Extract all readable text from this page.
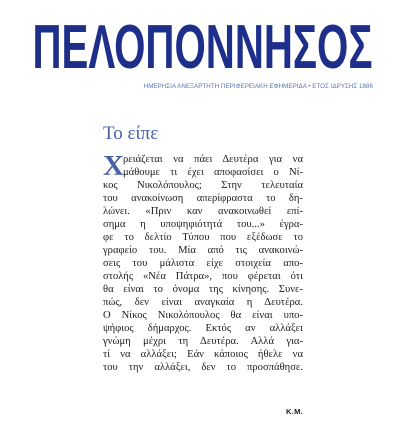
ΠΕΛΟΠΟΝΝΗΣΟΣ
ΗΜΕΡΗΣΙΑ ΑΝΕΞΑΡΤΗΤΗ ΠΕΡΙΦΕΡΕΙΑΚΗ ΕΦΗΜΕΡΙΔΑ • ΕΤΟΣ ΙΔΡΥΣΗΣ 1886
Το είπε
Χ ρειάζεται να πάει Δευτέρα για να
μάθουμε τι έχει αποφασίσει ο Νί-
κος Νικολόπουλος; Στην τελευταία
του ανακοίνωση απερίφραστα το δη-
λώνει. «Πριν καν ανακοινωθεί επί-
σημα η υποψηφιότητά του...» έγρα-
φε το δελτίο Τύπου που εξέδωσε το
γραφείο του. Μία από τις ανακοινώ-
σεις του μάλιστα είχε στοιχεία απο-
στολής «Νέα Πάτρα», που φέρεται ότι
θα είναι το όνομα της κίνησης. Συνε-
πώς, δεν είναι αναγκαία η Δευτέρα.
Ο Νίκος Νικολόπουλος θα είναι υπο-
ψήφιος δήμαρχος. Εκτός αν αλλάξει
γνώμη μέχρι τη Δευτέρα. Αλλά για-
τί να αλλάξει; Εάν κάποιος ήθελε να
του την αλλάξει, δεν το προσπάθησε.
Κ.Μ.
